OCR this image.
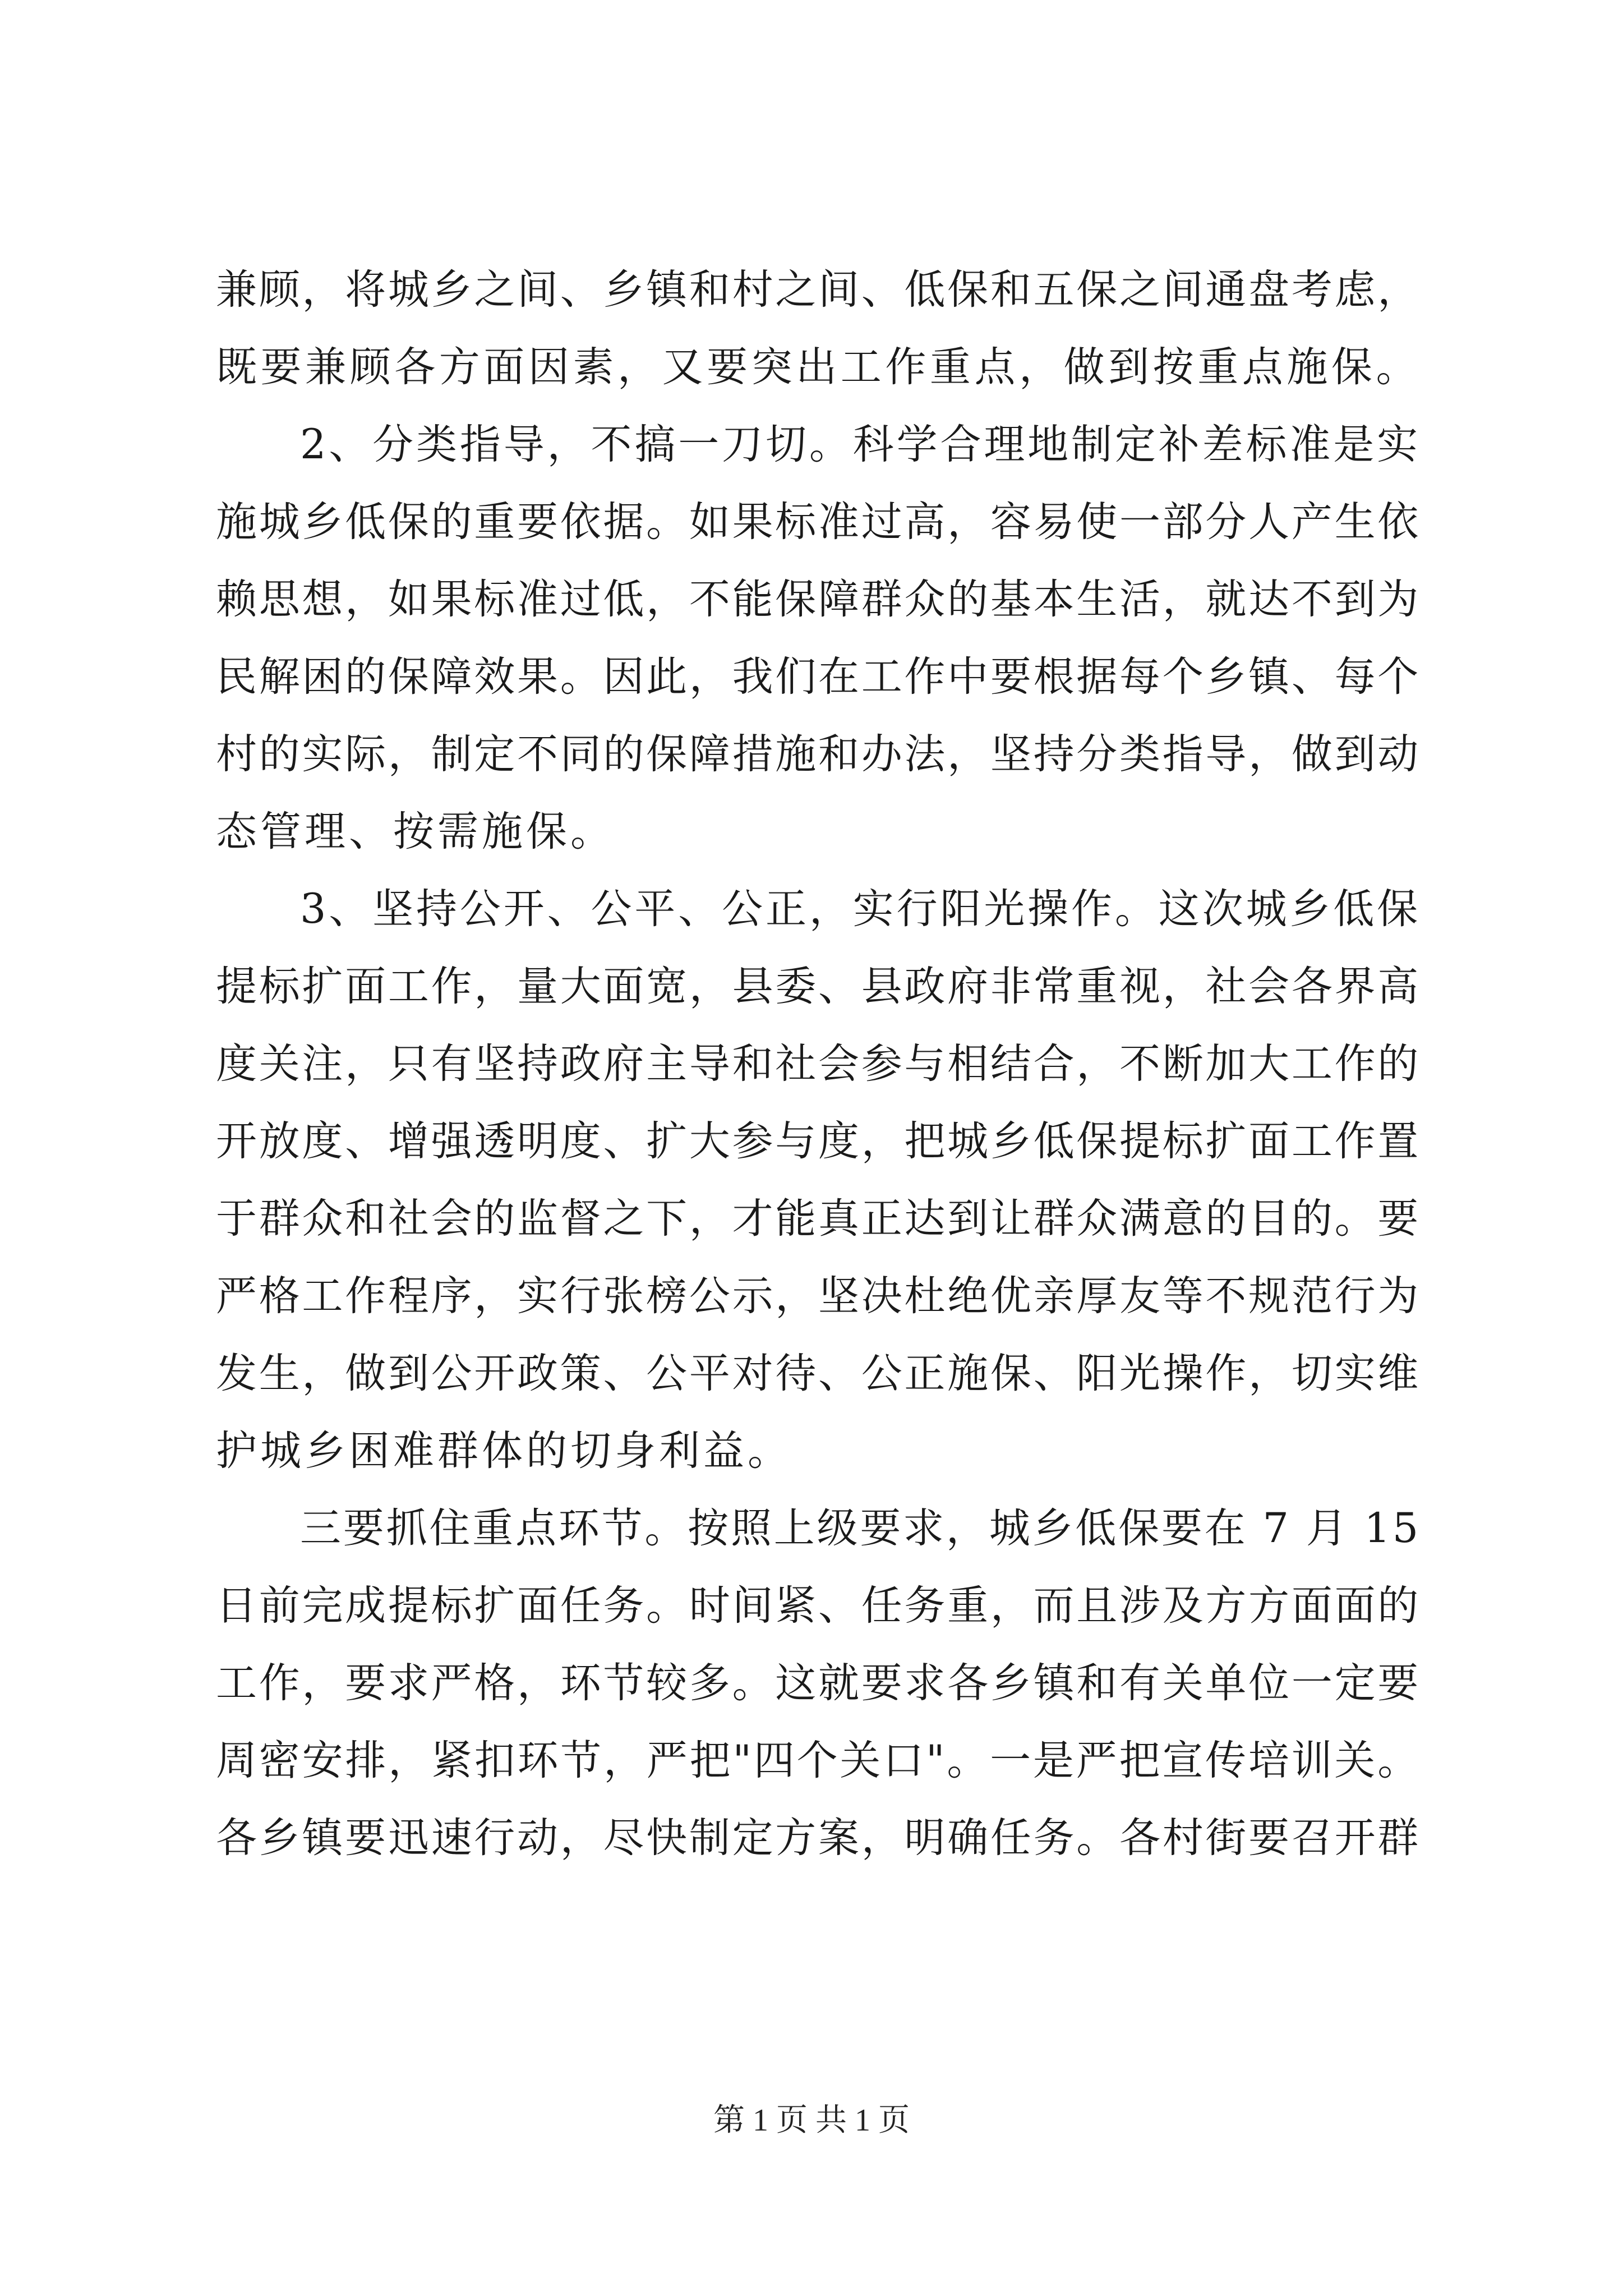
兼顾，将城乡之间、乡镇和村之间、低保和五保之间通盘考虑，
既要兼顾各方面因素，又要突出工作重点，做到按重点施保。
2、分类指导，不搞一刀切。科学合理地制定补差标准是实
施城乡低保的重要依据。如果标准过高，容易使一部分人产生依
赖思想，如果标准过低，不能保障群众的基本生活，就达不到为
民解困的保障效果。因此，我们在工作中要根据每个乡镇、每个
村的实际，制定不同的保障措施和办法，坚持分类指导，做到动
态管理、按需施保。
3、坚持公开、公平、公正，实行阳光操作。这次城乡低保
提标扩面工作，量大面宽，县委、县政府非常重视，社会各界高
度关注，只有坚持政府主导和社会参与相结合，不断加大工作的
开放度、增强透明度、扩大参与度，把城乡低保提标扩面工作置
于群众和社会的监督之下，才能真正达到让群众满意的目的。要
严格工作程序，实行张榜公示，坚决杜绝优亲厚友等不规范行为
发生，做到公开政策、公平对待、公正施保、阳光操作，切实维
护城乡困难群体的切身利益。
三要抓住重点环节。按照上级要求，城乡低保要在 7 月 15
日前完成提标扩面任务。时间紧、任务重，而且涉及方方面面的
工作，要求严格，环节较多。这就要求各乡镇和有关单位一定要
周密安排，紧扣环节，严把"四个关口"。一是严把宣传培训关。
各乡镇要迅速行动，尽快制定方案，明确任务。各村街要召开群
第 1 页 共 1 页
